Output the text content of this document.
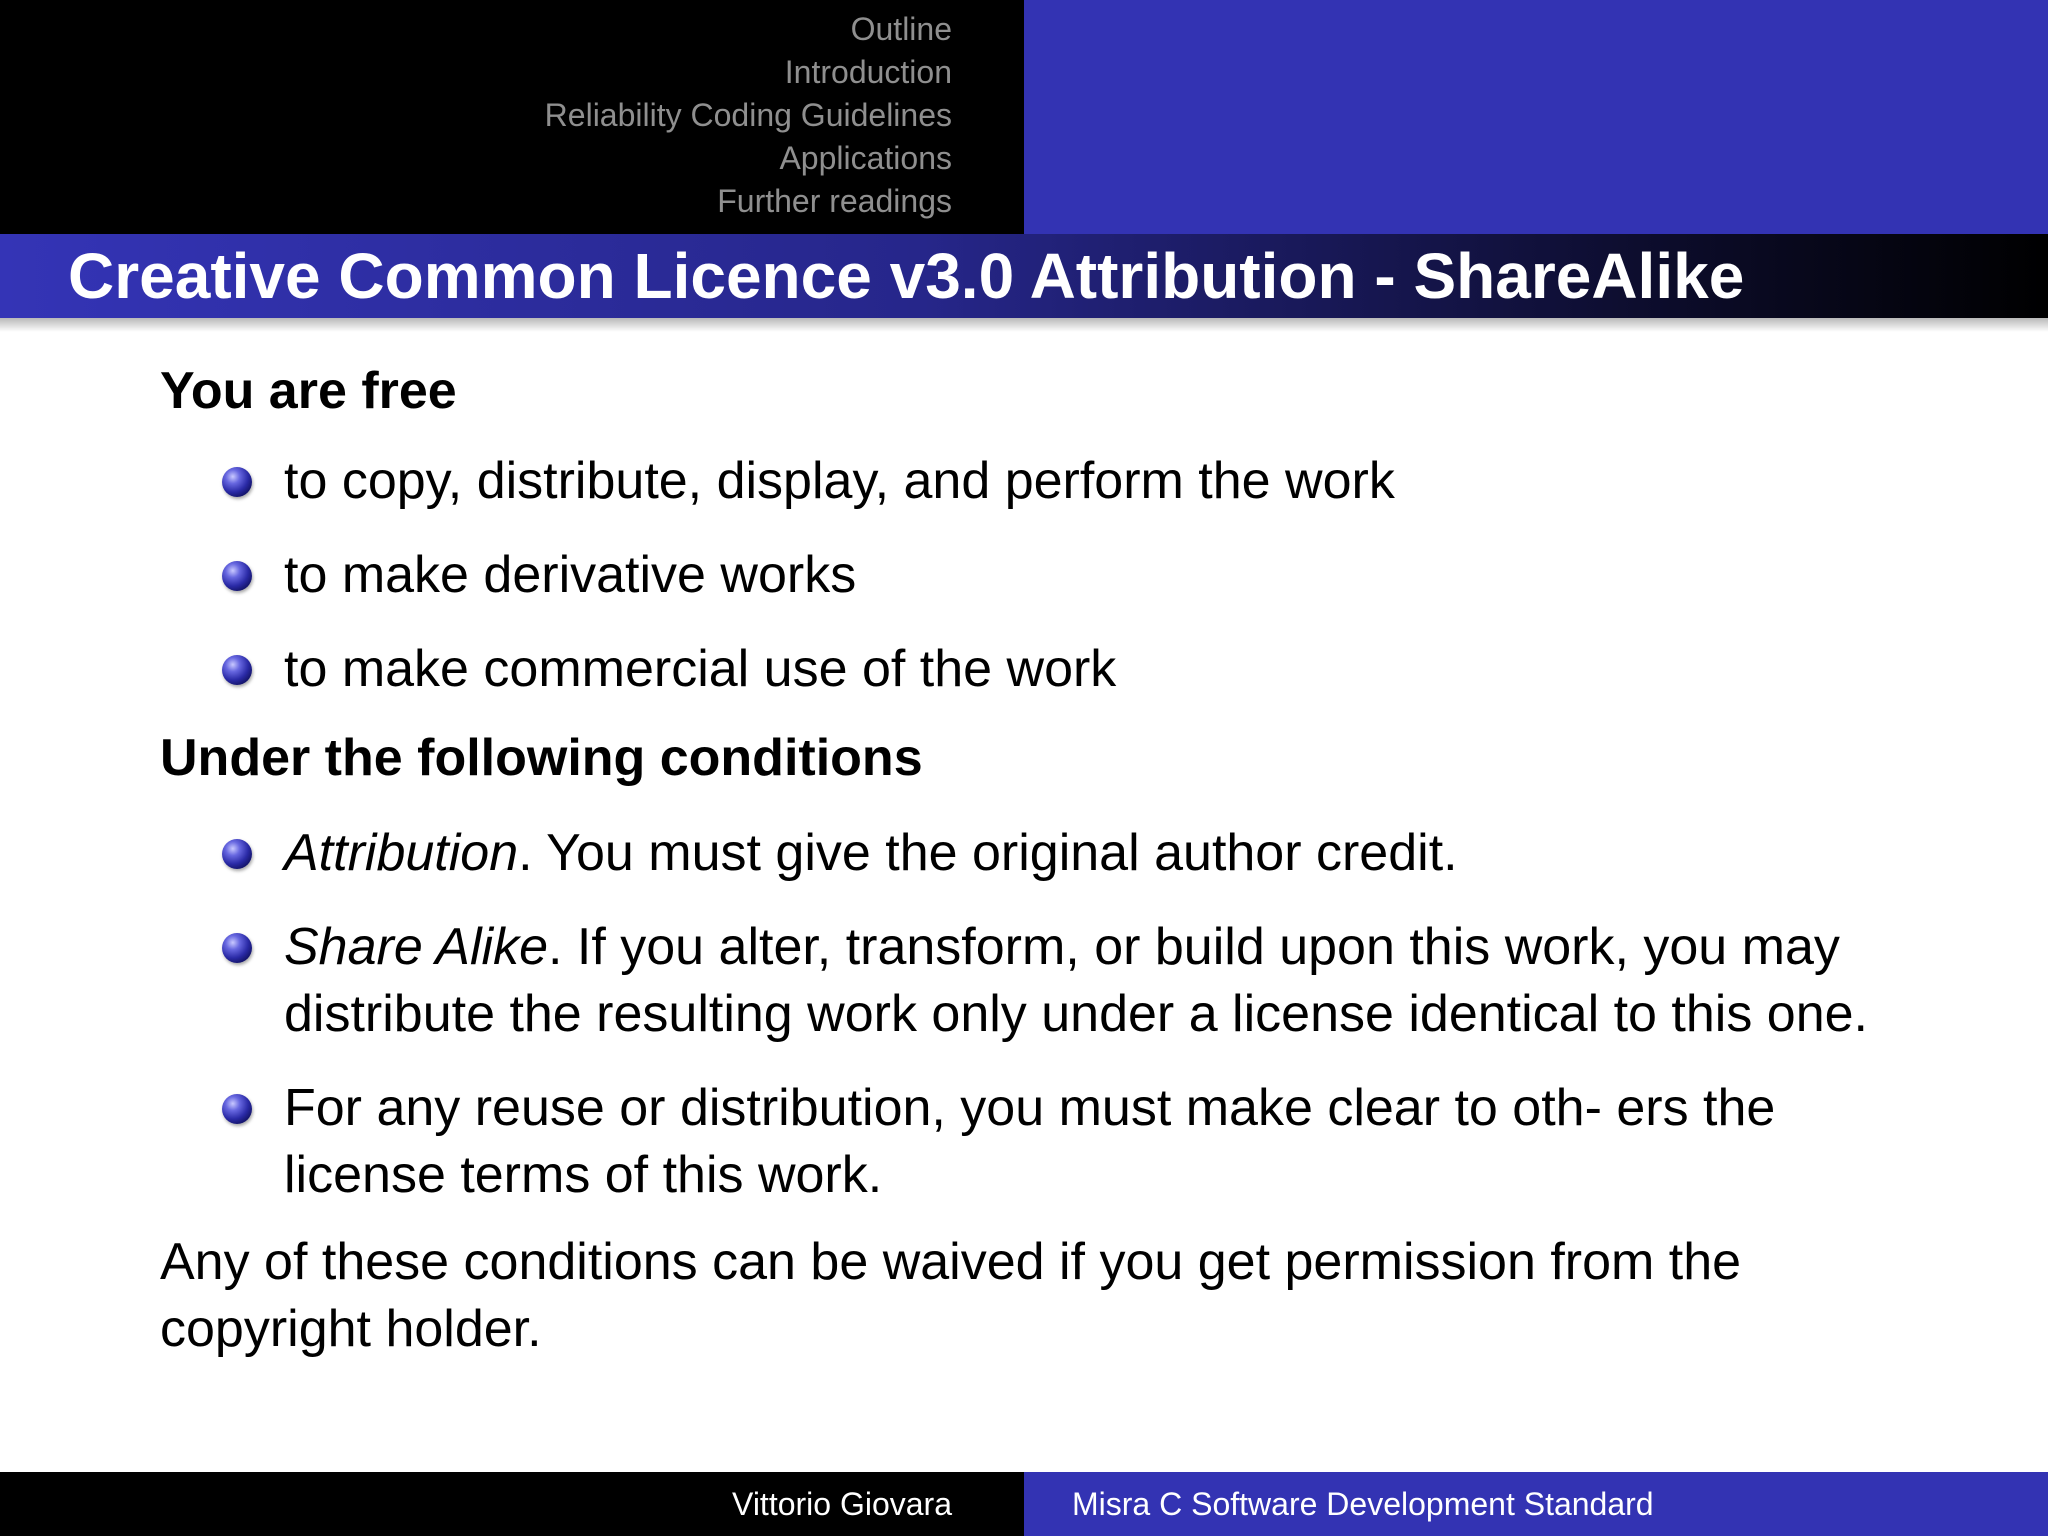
Outline
Introduction
Reliability Coding Guidelines
Applications
Further readings
Creative Common Licence v3.0 Attribution - ShareAlike
You are free
to copy, distribute, display, and perform the work
to make derivative works
to make commercial use of the work
Under the following conditions
Attribution. You must give the original author credit.
Share Alike. If you alter, transform, or build upon this work, you may distribute the resulting work only under a license identical to this one.
For any reuse or distribution, you must make clear to oth- ers the license terms of this work.

Any of these conditions can be waived if you get permission from the copyright holder.

Vittorio Giovara	Misra C Software Development Standard
